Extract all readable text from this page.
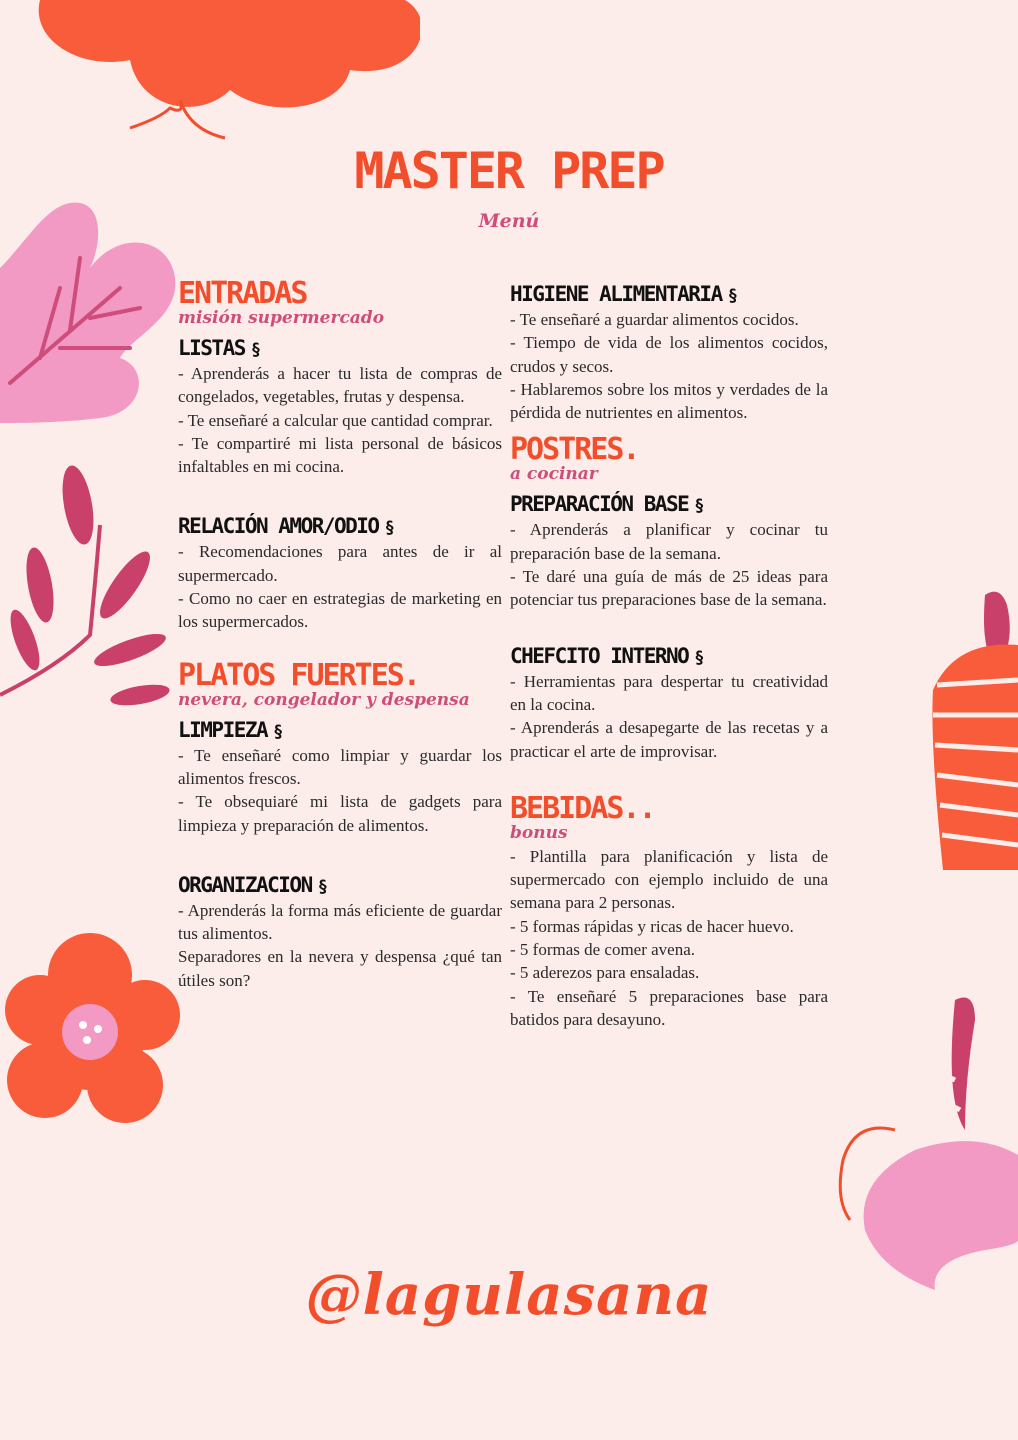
MASTER PREP
Menú
ENTRADAS

misión supermercado

LISTAS §
- Aprenderás a hacer tu lista de compras de congelados, vegetables, frutas y despensa.
- Te enseñaré a calcular que cantidad comprar.
- Te compartiré mi lista personal de básicos infaltables en mi cocina.
RELACIÓN AMOR/ODIO §
- Recomendaciones para antes de ir al supermercado.
- Como no caer en estrategias de marketing en los supermercados.
PLATOS FUERTES.

nevera, congelador y despensa

LIMPIEZA §
- Te enseñaré como limpiar y guardar los alimentos frescos.
- Te obsequiaré mi lista de gadgets para limpieza y preparación de alimentos.
ORGANIZACION §
- Aprenderás la forma más eficiente de guardar tus alimentos.
Separadores en la nevera y despensa ¿qué tan útiles son?
HIGIENE ALIMENTARIA §
- Te enseñaré a guardar alimentos cocidos.
- Tiempo de vida de los alimentos cocidos, crudos y secos.
- Hablaremos sobre los mitos y verdades de la pérdida de nutrientes en alimentos.
POSTRES.

a cocinar

PREPARACIÓN BASE §
- Aprenderás a planificar y cocinar tu preparación base de la semana.
- Te daré una guía de más de 25 ideas para potenciar tus preparaciones base de la semana.
CHEFCITO INTERNO §
- Herramientas para despertar tu creatividad en la cocina.
- Aprenderás a desapegarte de las recetas y a practicar el arte de improvisar.
BEBIDAS..

bonus

- Plantilla para planificación y lista de supermercado con ejemplo incluido de una semana para 2 personas.
- 5 formas rápidas y ricas de hacer huevo.
- 5 formas de comer avena.
- 5 aderezos para ensaladas.
- Te enseñaré 5 preparaciones base para batidos para desayuno.
@lagulasana
